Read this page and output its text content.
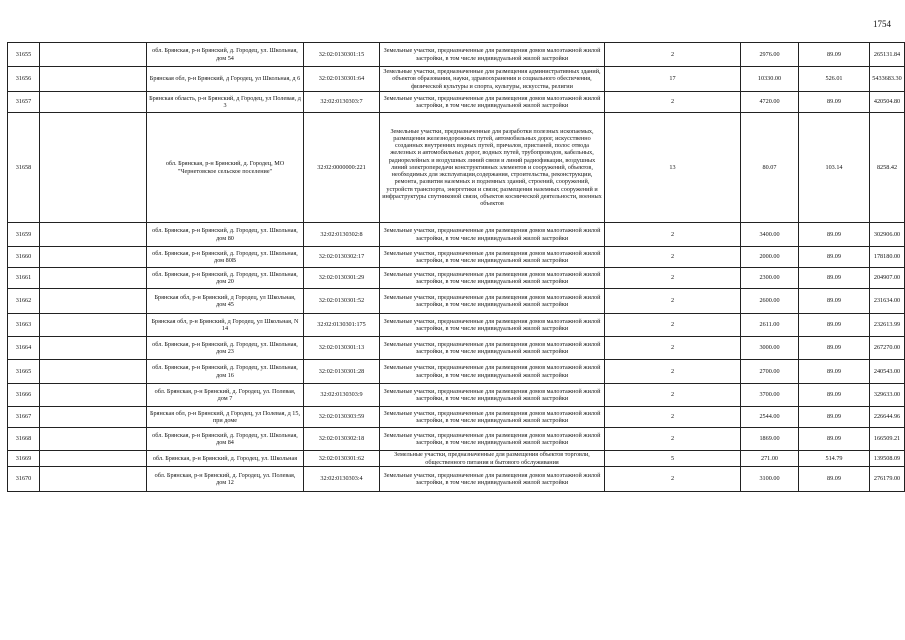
1754
31655		обл. Брянская, р-н Брянский, д. Городец, ул. Школьная, дом 54	32:02:0130301:15	Земельные участки, предназначенные для размещения домов малоэтажной жилой застройки, в том числе индивидуальной жилой застройки	2	2976.00	89.09	265131.84
31656		Брянская обл, р-н Брянский, д Городец, ул Школьная, д 6	32:02:0130301:64	Земельные участки, предназначенные для размещения административных зданий, объектов образования, науки, здравоохранения и социального обеспечения, физической культуры и спорта, культуры, искусства, религии	17	10330.00	526.01	5433683.30
31657		Брянская область, р-н Брянский, д Городец, ул Полевая, д 3	32:02:0130303:7	Земельные участки, предназначенные для размещения домов малоэтажной жилой застройки, в том числе индивидуальной жилой застройки	2	4720.00	89.09	420504.80
31658		обл. Брянская, р-н Брянский, д. Городец, МО "Чернетовское сельское поселение"	32:02:0000000:221	Земельные участки, предназначенные для разработки полезных ископаемых, размещения железнодорожных путей, автомобильных дорог, искусственно созданных внутренних водных путей, причалов, пристаней, полос отвода железных и автомобильных дорог, водных путей, трубопроводов, кабельных, радиорелейных и воздушных линий связи и линий радиофикации, воздушных линий электропередачи конструктивных элементов и сооружений, объектов, необходимых для эксплуатации,содержания, строительства, реконструкции, ремонта, развития наземных и подземных зданий, строений, сооружений, устройств транспорта, энергетики и связи; размещения наземных сооружений и инфраструктуры спутниковой связи, объектов космической деятельности, военных объектов	13	80.07	103.14	8258.42
31659		обл. Брянская, р-н Брянский, д. Городец, ул. Школьная, дом 80	32:02:0130302:8	Земельные участки, предназначенные для размещения домов малоэтажной жилой застройки, в том числе индивидуальной жилой застройки	2	3400.00	89.09	302906.00
31660		обл. Брянская, р-н Брянский, д. Городец, ул. Школьная, дом 80В	32:02:0130302:17	Земельные участки, предназначенные для размещения домов малоэтажной жилой застройки, в том числе индивидуальной жилой застройки	2	2000.00	89.09	178180.00
31661		обл. Брянская, р-н Брянский, д. Городец, ул. Школьная, дом 20	32:02:0130301:29	Земельные участки, предназначенные для размещения домов малоэтажной жилой застройки, в том числе индивидуальной жилой застройки	2	2300.00	89.09	204907.00
31662		Брянская обл, р-н Брянский, д Городец, ул Школьная, дом 45	32:02:0130301:52	Земельные участки, предназначенные для размещения домов малоэтажной жилой застройки, в том числе индивидуальной жилой застройки	2	2600.00	89.09	231634.00
31663		Брянская обл, р-н Брянский, д Городец, ул Школьная, N 14	32:02:0130301:175	Земельные участки, предназначенные для размещения домов малоэтажной жилой застройки, в том числе индивидуальной жилой застройки	2	2611.00	89.09	232613.99
31664		обл. Брянская, р-н Брянский, д. Городец, ул. Школьная, дом 23	32:02:0130301:13	Земельные участки, предназначенные для размещения домов малоэтажной жилой застройки, в том числе индивидуальной жилой застройки	2	3000.00	89.09	267270.00
31665		обл. Брянская, р-н Брянский, д. Городец, ул. Школьная, дом 16	32:02:0130301:28	Земельные участки, предназначенные для размещения домов малоэтажной жилой застройки, в том числе индивидуальной жилой застройки	2	2700.00	89.09	240543.00
31666		обл. Брянская, р-н Брянский, д. Городец, ул. Полевая, дом 7	32:02:0130303:9	Земельные участки, предназначенные для размещения домов малоэтажной жилой застройки, в том числе индивидуальной жилой застройки	2	3700.00	89.09	329633.00
31667		Брянская обл, р-н Брянский, д Городец, ул Полевая, д 15, при доме	32:02:0130303:59	Земельные участки, предназначенные для размещения домов малоэтажной жилой застройки, в том числе индивидуальной жилой застройки	2	2544.00	89.09	226644.96
31668		обл. Брянская, р-н Брянский, д. Городец, ул. Школьная, дом 84	32:02:0130302:18	Земельные участки, предназначенные для размещения домов малоэтажной жилой застройки, в том числе индивидуальной жилой застройки	2	1869.00	89.09	166509.21
31669		обл. Брянская, р-н Брянский, д. Городец, ул. Школьная	32:02:0130301:62	Земельные участки, предназначенные для размещения объектов торговли, общественного питания и бытового обслуживания	5	271.00	514.79	139508.09
31670		обл. Брянская, р-н Брянский, д. Городец, ул. Полевая, дом 12	32:02:0130303:4	Земельные участки, предназначенные для размещения домов малоэтажной жилой застройки, в том числе индивидуальной жилой застройки	2	3100.00	89.09	276179.00
